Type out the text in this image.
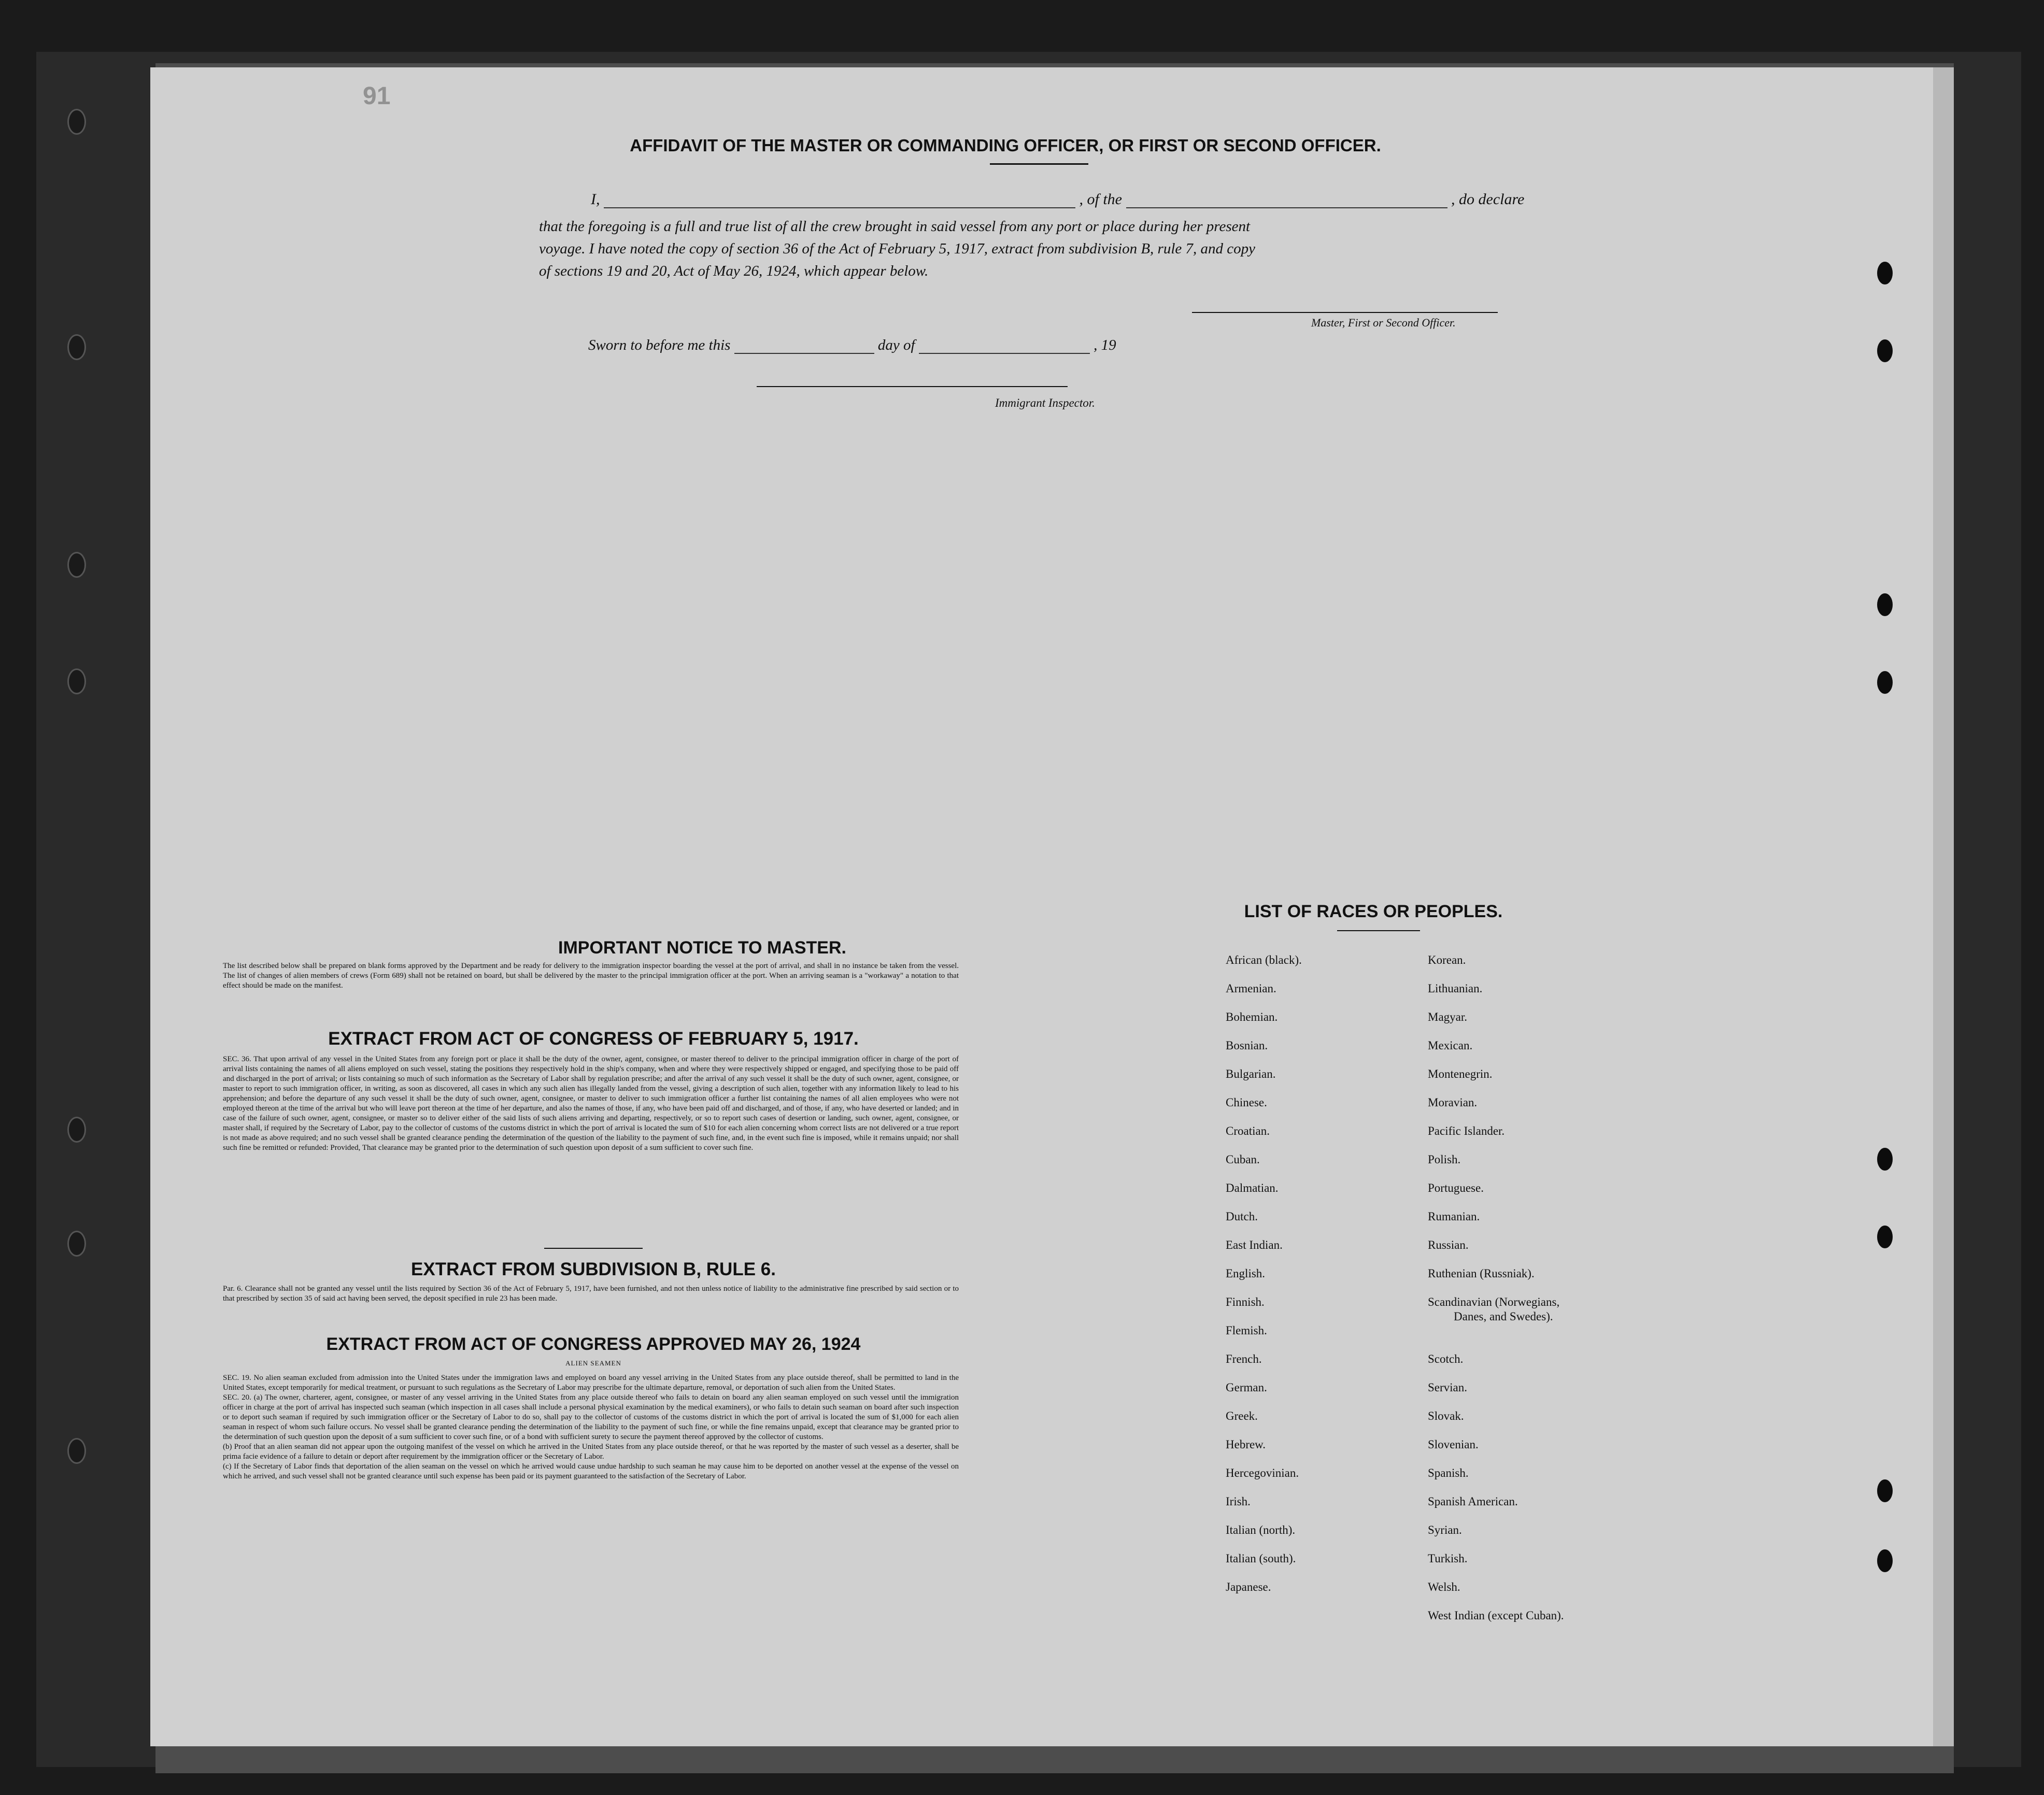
91
AFFIDAVIT OF THE MASTER OR COMMANDING OFFICER, OR FIRST OR SECOND OFFICER.
I,	, of the	, do declare
that the foregoing is a full and true list of all the crew brought in said vessel from any port or place during her present
voyage. I have noted the copy of section 36 of the Act of February 5, 1917, extract from subdivision B, rule 7, and copy
of sections 19 and 20, Act of May 26, 1924, which appear below.
Master, First or Second Officer.
Sworn to before me this	day of	, 19
Immigrant Inspector.
IMPORTANT NOTICE TO MASTER.
The list described below shall be prepared on blank forms approved by the Department and be ready for delivery to the immigration inspector boarding the vessel at the port of arrival, and shall in no instance be taken from the vessel. The list of changes of alien members of crews (Form 689) shall not be retained on board, but shall be delivered by the master to the principal immigration officer at the port. When an arriving seaman is a "workaway" a notation to that effect should be made on the manifest.
EXTRACT FROM ACT OF CONGRESS OF FEBRUARY 5, 1917.
SEC. 36. That upon arrival of any vessel in the United States from any foreign port or place it shall be the duty of the owner, agent, consignee, or master thereof to deliver to the principal immigration officer in charge of the port of arrival lists containing the names of all aliens employed on such vessel, stating the positions they respectively hold in the ship's company, when and where they were respectively shipped or engaged, and specifying those to be paid off and discharged in the port of arrival; or lists containing so much of such information as the Secretary of Labor shall by regulation prescribe; and after the arrival of any such vessel it shall be the duty of such owner, agent, consignee, or master to report to such immigration officer, in writing, as soon as discovered, all cases in which any such alien has illegally landed from the vessel, giving a description of such alien, together with any information likely to lead to his apprehension; and before the departure of any such vessel it shall be the duty of such owner, agent, consignee, or master to deliver to such immigration officer a further list containing the names of all alien employees who were not employed thereon at the time of the arrival but who will leave port thereon at the time of her departure, and also the names of those, if any, who have been paid off and discharged, and of those, if any, who have deserted or landed; and in case of the failure of such owner, agent, consignee, or master so to deliver either of the said lists of such aliens arriving and departing, respectively, or so to report such cases of desertion or landing, such owner, agent, consignee, or master shall, if required by the Secretary of Labor, pay to the collector of customs of the customs district in which the port of arrival is located the sum of $10 for each alien concerning whom correct lists are not delivered or a true report is not made as above required; and no such vessel shall be granted clearance pending the determination of the question of the liability to the payment of such fine, and, in the event such fine is imposed, while it remains unpaid; nor shall such fine be remitted or refunded: Provided, That clearance may be granted prior to the determination of such question upon deposit of a sum sufficient to cover such fine.
EXTRACT FROM SUBDIVISION B, RULE 6.
Par. 6. Clearance shall not be granted any vessel until the lists required by Section 36 of the Act of February 5, 1917, have been furnished, and not then unless notice of liability to the administrative fine prescribed by said section or to that prescribed by section 35 of said act having been served, the deposit specified in rule 23 has been made.
EXTRACT FROM ACT OF CONGRESS APPROVED MAY 26, 1924
ALIEN SEAMEN
SEC. 19. No alien seaman excluded from admission into the United States under the immigration laws and employed on board any vessel arriving in the United States from any place outside thereof, shall be permitted to land in the United States, except temporarily for medical treatment, or pursuant to such regulations as the Secretary of Labor may prescribe for the ultimate departure, removal, or deportation of such alien from the United States.
SEC. 20. (a) The owner, charterer, agent, consignee, or master of any vessel arriving in the United States from any place outside thereof who fails to detain on board any alien seaman employed on such vessel until the immigration officer in charge at the port of arrival has inspected such seaman (which inspection in all cases shall include a personal physical examination by the medical examiners), or who fails to detain such seaman on board after such inspection or to deport such seaman if required by such immigration officer or the Secretary of Labor to do so, shall pay to the collector of customs of the customs district in which the port of arrival is located the sum of $1,000 for each alien seaman in respect of whom such failure occurs. No vessel shall be granted clearance pending the determination of the liability to the payment of such fine, or while the fine remains unpaid, except that clearance may be granted prior to the determination of such question upon the deposit of a sum sufficient to cover such fine, or of a bond with sufficient surety to secure the payment thereof approved by the collector of customs.
(b) Proof that an alien seaman did not appear upon the outgoing manifest of the vessel on which he arrived in the United States from any place outside thereof, or that he was reported by the master of such vessel as a deserter, shall be prima facie evidence of a failure to detain or deport after requirement by the immigration officer or the Secretary of Labor.
(c) If the Secretary of Labor finds that deportation of the alien seaman on the vessel on which he arrived would cause undue hardship to such seaman he may cause him to be deported on another vessel at the expense of the vessel on which he arrived, and such vessel shall not be granted clearance until such expense has been paid or its payment guaranteed to the satisfaction of the Secretary of Labor.
LIST OF RACES OR PEOPLES.
African (black).
Armenian.
Bohemian.
Bosnian.
Bulgarian.
Chinese.
Croatian.
Cuban.
Dalmatian.
Dutch.
East Indian.
English.
Finnish.
Flemish.
French.
German.
Greek.
Hebrew.
Hercegovinian.
Irish.
Italian (north).
Italian (south).
Japanese.
Korean.
Lithuanian.
Magyar.
Mexican.
Montenegrin.
Moravian.
Pacific Islander.
Polish.
Portuguese.
Rumanian.
Russian.
Ruthenian (Russniak).
Scandinavian (Norwegians,
Danes, and Swedes).
Scotch.
Servian.
Slovak.
Slovenian.
Spanish.
Spanish American.
Syrian.
Turkish.
Welsh.
West Indian (except Cuban).
